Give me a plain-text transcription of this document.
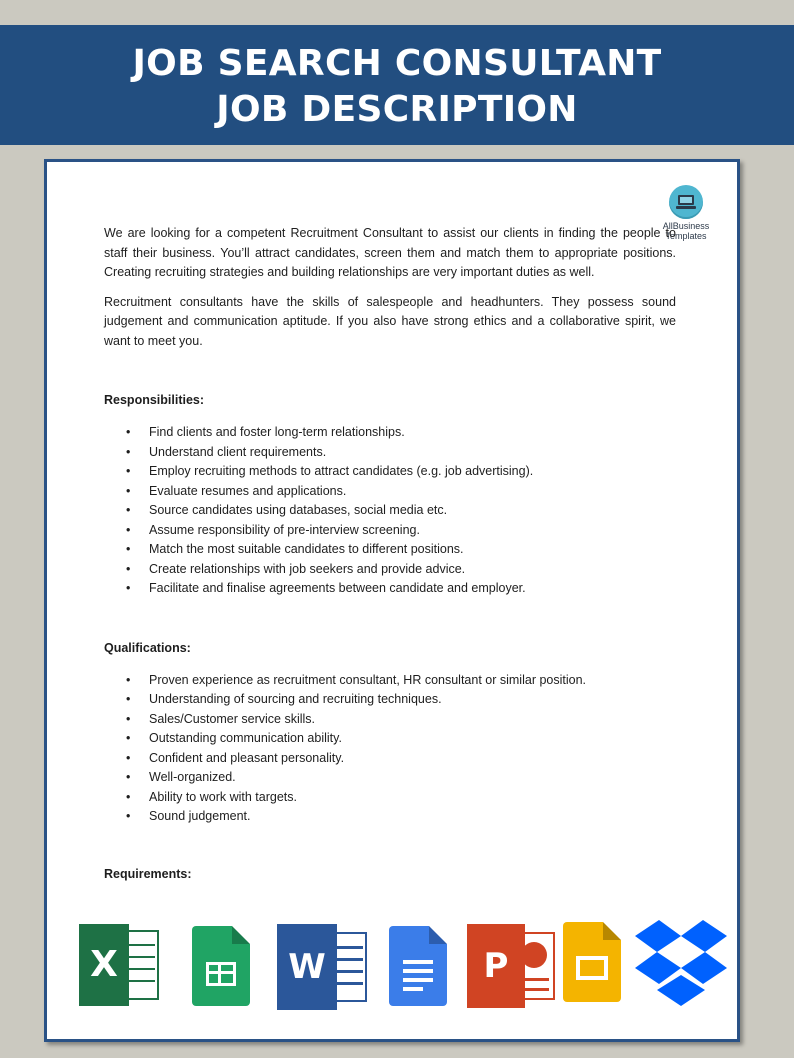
JOB SEARCH CONSULTANT
JOB DESCRIPTION
AllBusiness
Templates

We are looking for a competent Recruitment Consultant to assist our clients in finding the people to staff their business. You’ll attract candidates, screen them and match them to appropriate positions. Creating recruiting strategies and building relationships are very important duties as well.

Recruitment consultants have the skills of salespeople and headhunters. They possess sound judgement and communication aptitude. If you also have strong ethics and a collaborative spirit, we want to meet you.

Responsibilities:
• Find clients and foster long-term relationships.
• Understand client requirements.
• Employ recruiting methods to attract candidates (e.g. job advertising).
• Evaluate resumes and applications.
• Source candidates using databases, social media etc.
• Assume responsibility of pre-interview screening.
• Match the most suitable candidates to different positions.
• Create relationships with job seekers and provide advice.
• Facilitate and finalise agreements between candidate and employer.
Qualifications:
• Proven experience as recruitment consultant, HR consultant or similar position.
• Understanding of sourcing and recruiting techniques.
• Sales/Customer service skills.
• Outstanding communication ability.
• Confident and pleasant personality.
• Well-organized.
• Ability to work with targets.
• Sound judgement.
Requirements:
X	W	P
